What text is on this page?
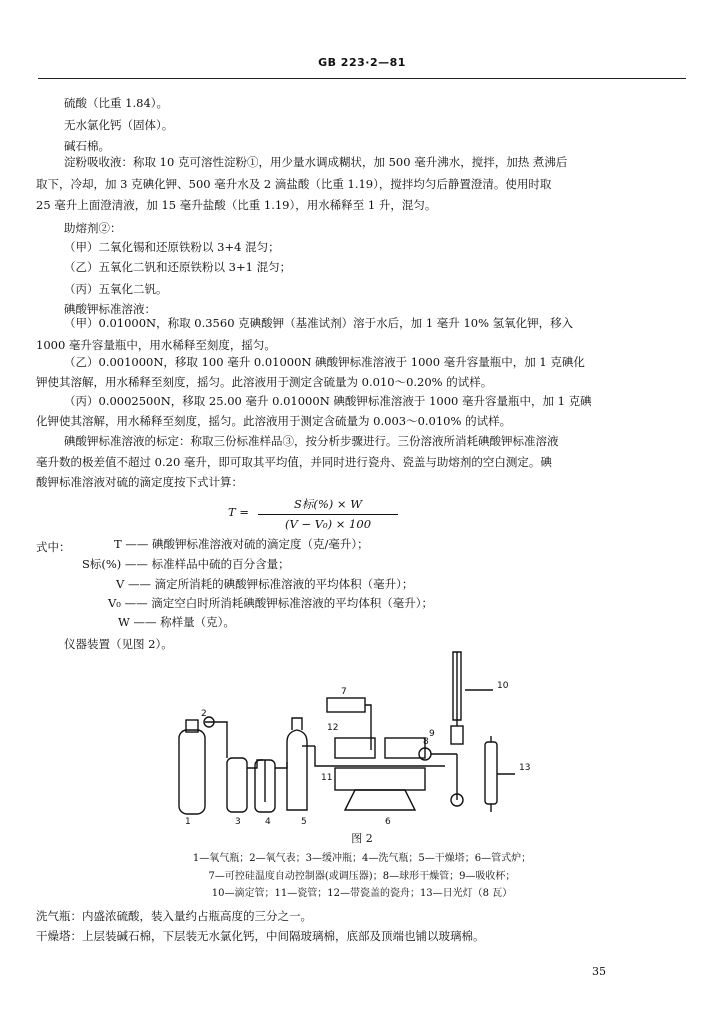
GB 223·2—81
硫酸（比重 1.84）。
无水氯化钙（固体）。
碱石棉。
淀粉吸收液：称取 10 克可溶性淀粉①，用少量水调成糊状，加 500 毫升沸水，搅拌，加热 煮沸后
取下，冷却，加 3 克碘化钾、500 毫升水及 2 滴盐酸（比重 1.19），搅拌均匀后静置澄清。使用时取
25 毫升上面澄清液，加 15 毫升盐酸（比重 1.19），用水稀释至 1 升，混匀。
助熔剂②：
（甲）二氧化锡和还原铁粉以 3+4 混匀；
（乙）五氧化二钒和还原铁粉以 3+1 混匀；
（丙）五氧化二钒。
碘酸钾标准溶液：
（甲）0.01000N，称取 0.3560 克碘酸钾（基准试剂）溶于水后，加 1 毫升 10% 氢氧化钾，移入
1000 毫升容量瓶中，用水稀释至刻度，摇匀。
（乙）0.001000N，移取 100 毫升 0.01000N 碘酸钾标准溶液于 1000 毫升容量瓶中，加 1 克碘化
钾使其溶解，用水稀释至刻度，摇匀。此溶液用于测定含硫量为 0.010～0.20% 的试样。
（丙）0.0002500N，移取 25.00 毫升 0.01000N 碘酸钾标准溶液于 1000 毫升容量瓶中，加 1 克碘
化钾使其溶解，用水稀释至刻度，摇匀。此溶液用于测定含硫量为 0.003～0.010% 的试样。
碘酸钾标准溶液的标定：称取三份标准样品③，按分析步骤进行。三份溶液所消耗碘酸钾标准溶液
毫升数的极差值不超过 0.20 毫升，即可取其平均值，并同时进行瓷舟、瓷盖与助熔剂的空白测定。碘
酸钾标准溶液对硫的滴定度按下式计算：
S标(%) × W
(V − V₀) × 100
T =
式中：	T —— 碘酸钾标准溶液对硫的滴定度（克/毫升）；
S标(%) —— 标准样品中硫的百分含量；
V —— 滴定所消耗的碘酸钾标准溶液的平均体积（毫升）；
V₀ —— 滴定空白时所消耗碘酸钾标准溶液的平均体积（毫升）；
W —— 称样量（克）。
仪器装置（见图 2）。
1
2
3	4	5	6
7
8
9
10
11
12
13
图 2
1—氧气瓶；2—氧气表；3—缓冲瓶；4—洗气瓶；5—干燥塔；6—管式炉；
7—可控硅温度自动控制器(或调压器)；8—球形干燥管；9—吸收杯；
10—滴定管；11—瓷管；12—带瓷盖的瓷舟；13—日光灯（8 瓦）
洗气瓶：内盛浓硫酸，装入量约占瓶高度的三分之一。
干燥塔：上层装碱石棉，下层装无水氯化钙，中间隔玻璃棉，底部及顶端也铺以玻璃棉。
35
